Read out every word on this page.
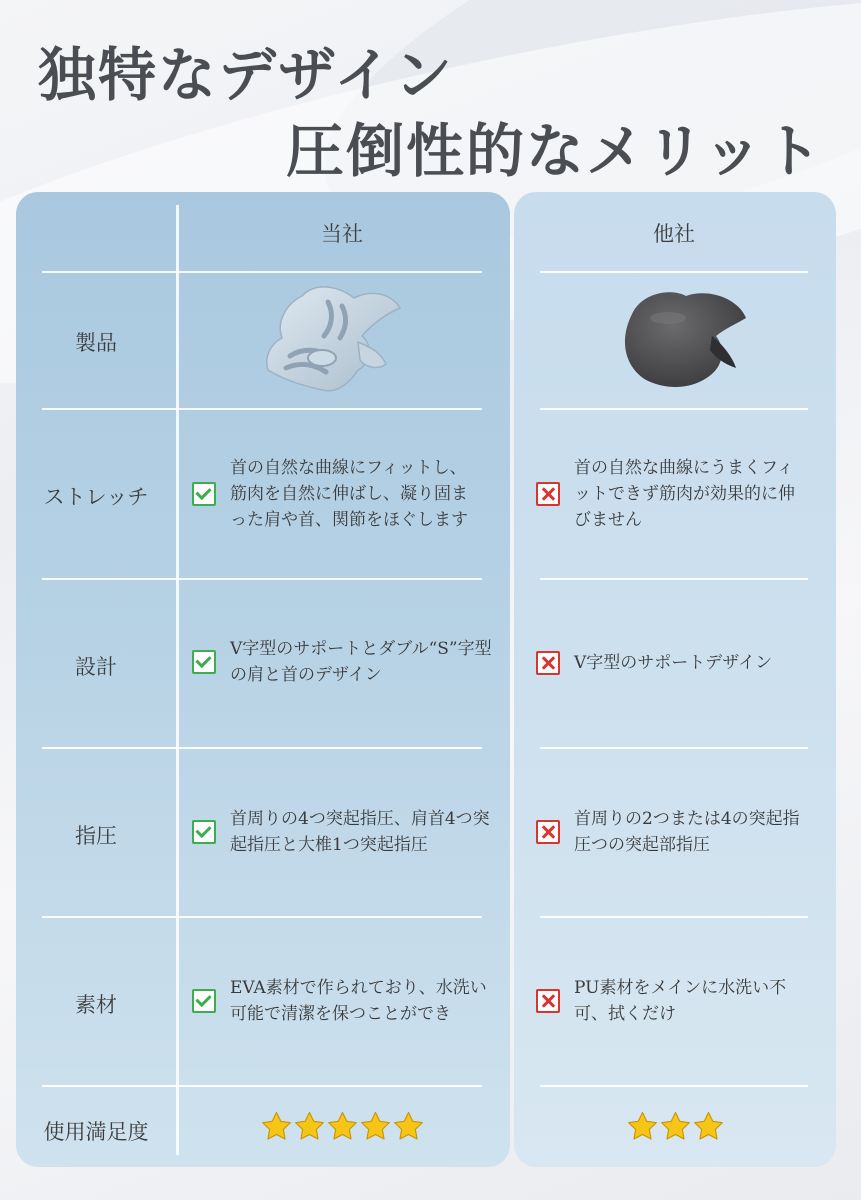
独特なデザイン
圧倒性的なメリット
当社	他社
製品
ストレッチ
設計
指圧
素材
使用満足度
首の自然な曲線にフィットし、筋肉を自然に伸ばし、凝り固まった肩や首、関節をほぐします
首の自然な曲線にうまくフィットできず筋肉が効果的に伸びません
V字型のサポートとダブル“S”字型の肩と首のデザイン
V字型のサポートデザイン
首周りの4つ突起指圧、肩首4つ突起指圧と大椎1つ突起指圧
首周りの2つまたは4の突起指圧つの突起部指圧
EVA素材で作られており、水洗い可能で清潔を保つことができ
PU素材をメインに水洗い不可、拭くだけ
